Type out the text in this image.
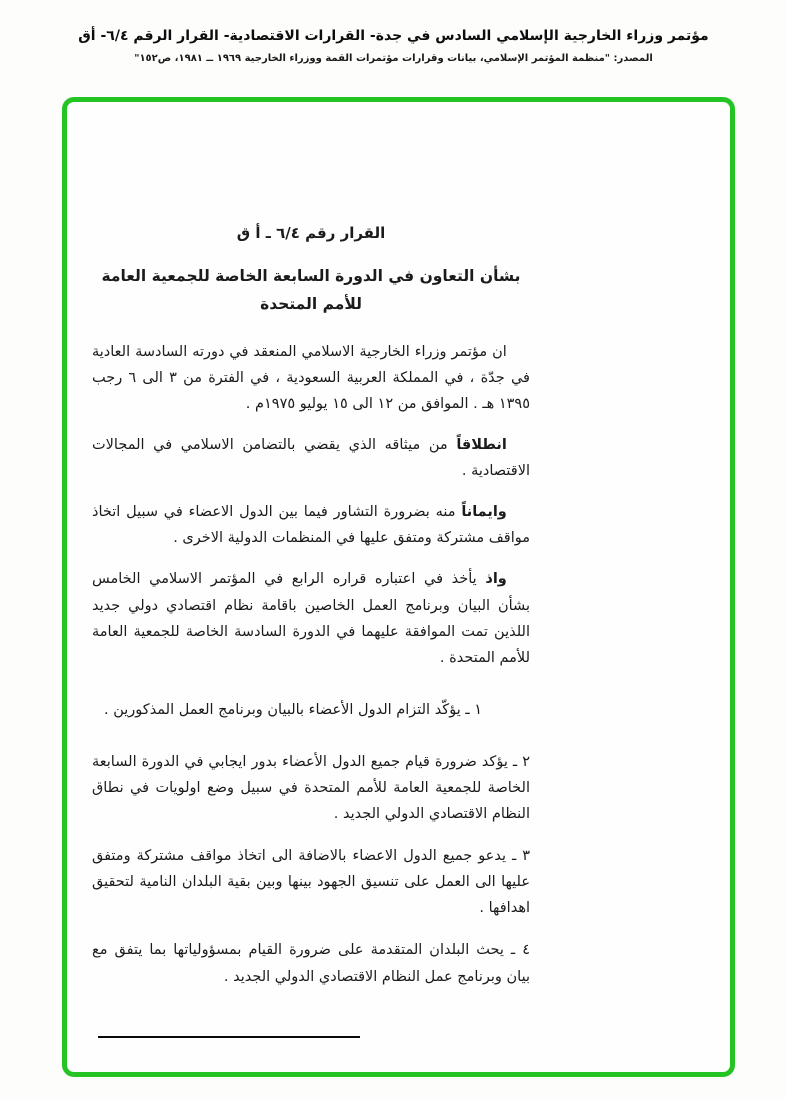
مؤتمر وزراء الخارجية الإسلامي السادس في جدة- القرارات الاقتصادية- القرار الرقم ٦/٤- أق
المصدر: "منظمة المؤتمر الإسلامي، بيانات وقرارات مؤتمرات القمة ووزراء الخارجية ١٩٦٩ ــ ١٩٨١، ص١٥٢"
القرار رقم ٦/٤ ـ أ ق
بشأن التعاون في الدورة السابعة الخاصة للجمعية العامة للأمم المتحدة

ان مؤتمر وزراء الخارجية الاسلامي المنعقد في دورته السادسة العادية في جدّة ، في المملكة العربية السعودية ، في الفترة من ٣ الى ٦ رجب ١٣٩٥ هـ . الموافق من ١٢ الى ١٥ يوليو ١٩٧٥م .

انطلاقاً من ميثاقه الذي يقضي بالتضامن الاسلامي في المجالات الاقتصادية .

وايماناً منه بضرورة التشاور فيما بين الدول الاعضاء في سبيل اتخاذ مواقف مشتركة ومتفق عليها في المنظمات الدولية الاخرى .

واذ يأخذ في اعتباره قراره الرابع في المؤتمر الاسلامي الخامس بشأن البيان وبرنامج العمل الخاصين باقامة نظام اقتصادي دولي جديد اللذين تمت الموافقة عليهما في الدورة السادسة الخاصة للجمعية العامة للأمم المتحدة .

١ ـ يؤكّد التزام الدول الأعضاء بالبيان وبرنامج العمل المذكورين .

٢ ـ يؤكد ضرورة قيام جميع الدول الأعضاء بدور ايجابي في الدورة السابعة الخاصة للجمعية العامة للأمم المتحدة في سبيل وضع اولويات في نطاق النظام الاقتصادي الدولي الجديد .

٣ ـ يدعو جميع الدول الاعضاء بالاضافة الى اتخاذ مواقف مشتركة ومتفق عليها الى العمل على تنسيق الجهود بينها وبين بقية البلدان النامية لتحقيق اهدافها .

٤ ـ يحث البلدان المتقدمة على ضرورة القيام بمسؤولياتها بما يتفق مع بيان وبرنامج عمل النظام الاقتصادي الدولي الجديد .
